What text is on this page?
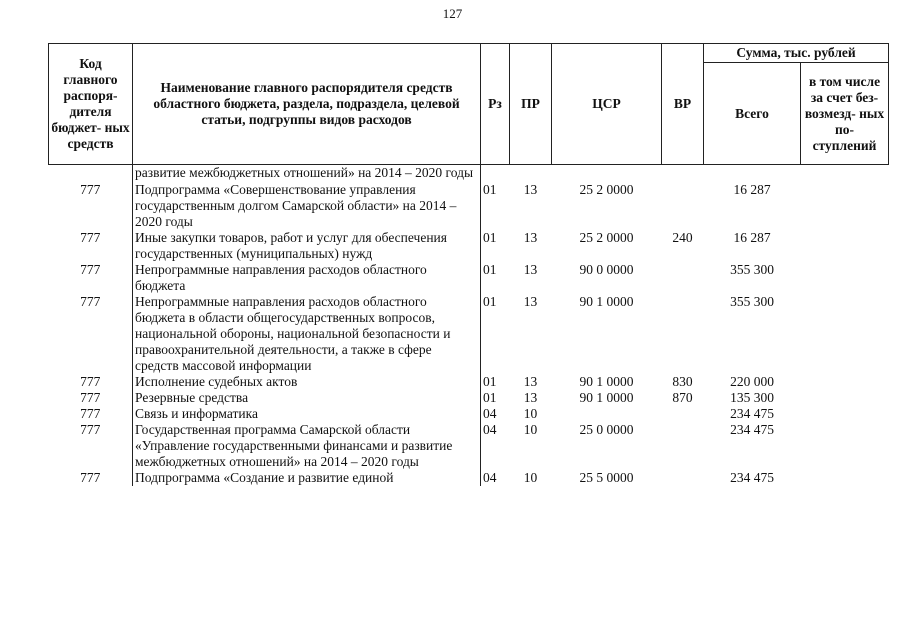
127
Код главного распоря- дителя бюджет- ных средств	Наименование главного распорядителя средств областного бюджета, раздела, подраздела, целевой статьи, подгруппы видов расходов	Рз	ПР	ЦСР	ВР	Сумма, тыс. рублей	
						Всего	в том числе за счет без- возмезд- ных по- ступлений
	развитие межбюджетных отношений» на 2014 – 2020 годы						
777	Подпрограмма «Совершенствование управления государственным долгом Самарской области» на 2014 – 2020 годы	01	13	25 2 0000		16 287	
777	Иные закупки товаров, работ и услуг для обеспечения государственных (муниципальных) нужд	01	13	25 2 0000	240	16 287	
777	Непрограммные направления расходов областного бюджета	01	13	90 0 0000		355 300	
777	Непрограммные направления расходов областного бюджета в области общегосударственных вопросов, национальной обороны, национальной безопасности и правоохранительной деятельности, а также в сфере средств массовой информации	01	13	90 1 0000		355 300	
777	Исполнение судебных актов	01	13	90 1 0000	830	220 000	
777	Резервные средства	01	13	90 1 0000	870	135 300	
777	Связь и информатика	04	10			234 475	
777	Государственная программа Самарской области «Управление государственными финансами и развитие межбюджетных отношений» на 2014 – 2020 годы	04	10	25 0 0000		234 475	
777	Подпрограмма «Создание и развитие единой	04	10	25 5 0000		234 475	
